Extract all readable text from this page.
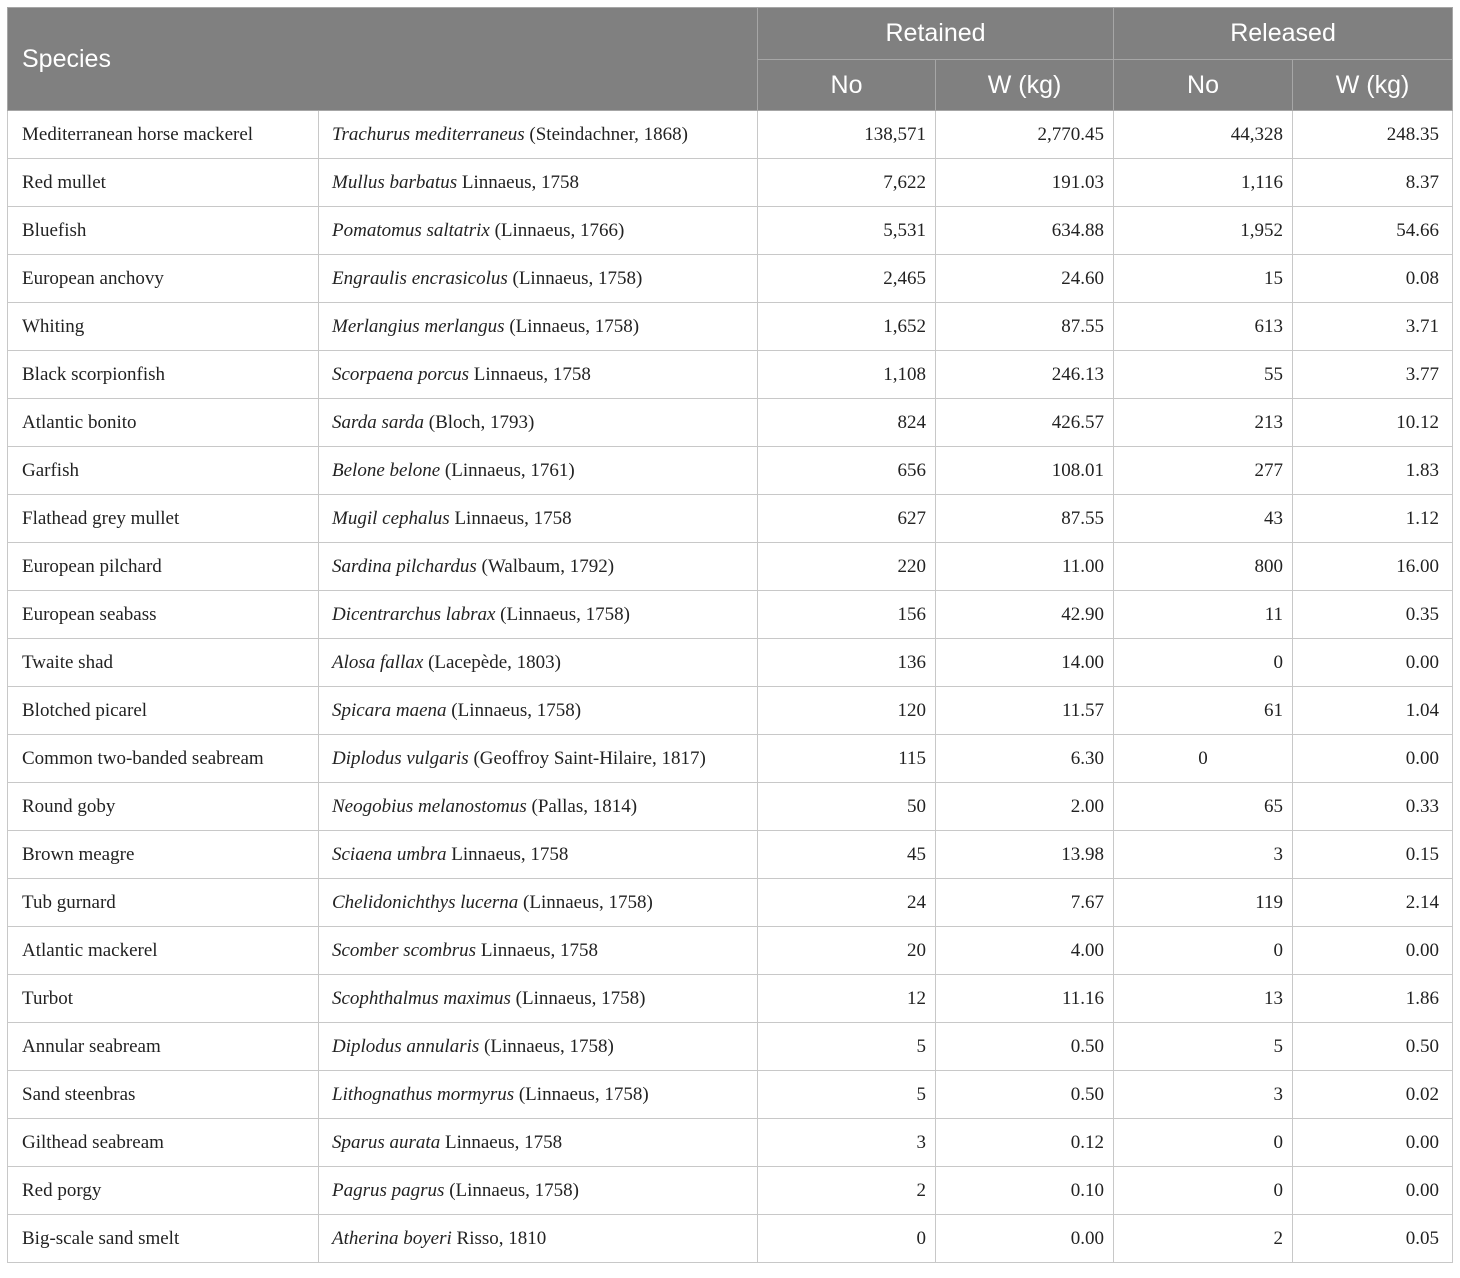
Species		Retained		Released	
		No	W (kg)	No	W (kg)
Mediterranean horse mackerel	Trachurus mediterraneus (Steindachner, 1868)	138,571	2,770.45	44,328	248.35
Red mullet	Mullus barbatus Linnaeus, 1758	7,622	191.03	1,116	8.37
Bluefish	Pomatomus saltatrix (Linnaeus, 1766)	5,531	634.88	1,952	54.66
European anchovy	Engraulis encrasicolus (Linnaeus, 1758)	2,465	24.60	15	0.08
Whiting	Merlangius merlangus (Linnaeus, 1758)	1,652	87.55	613	3.71
Black scorpionfish	Scorpaena porcus Linnaeus, 1758	1,108	246.13	55	3.77
Atlantic bonito	Sarda sarda (Bloch, 1793)	824	426.57	213	10.12
Garfish	Belone belone (Linnaeus, 1761)	656	108.01	277	1.83
Flathead grey mullet	Mugil cephalus Linnaeus, 1758	627	87.55	43	1.12
European pilchard	Sardina pilchardus (Walbaum, 1792)	220	11.00	800	16.00
European seabass	Dicentrarchus labrax (Linnaeus, 1758)	156	42.90	11	0.35
Twaite shad	Alosa fallax (Lacepède, 1803)	136	14.00	0	0.00
Blotched picarel	Spicara maena (Linnaeus, 1758)	120	11.57	61	1.04
Common two-banded seabream	Diplodus vulgaris (Geoffroy Saint-Hilaire, 1817)	115	6.30	0	0.00
Round goby	Neogobius melanostomus (Pallas, 1814)	50	2.00	65	0.33
Brown meagre	Sciaena umbra Linnaeus, 1758	45	13.98	3	0.15
Tub gurnard	Chelidonichthys lucerna (Linnaeus, 1758)	24	7.67	119	2.14
Atlantic mackerel	Scomber scombrus Linnaeus, 1758	20	4.00	0	0.00
Turbot	Scophthalmus maximus (Linnaeus, 1758)	12	11.16	13	1.86
Annular seabream	Diplodus annularis (Linnaeus, 1758)	5	0.50	5	0.50
Sand steenbras	Lithognathus mormyrus (Linnaeus, 1758)	5	0.50	3	0.02
Gilthead seabream	Sparus aurata Linnaeus, 1758	3	0.12	0	0.00
Red porgy	Pagrus pagrus (Linnaeus, 1758)	2	0.10	0	0.00
Big-scale sand smelt	Atherina boyeri Risso, 1810	0	0.00	2	0.05
